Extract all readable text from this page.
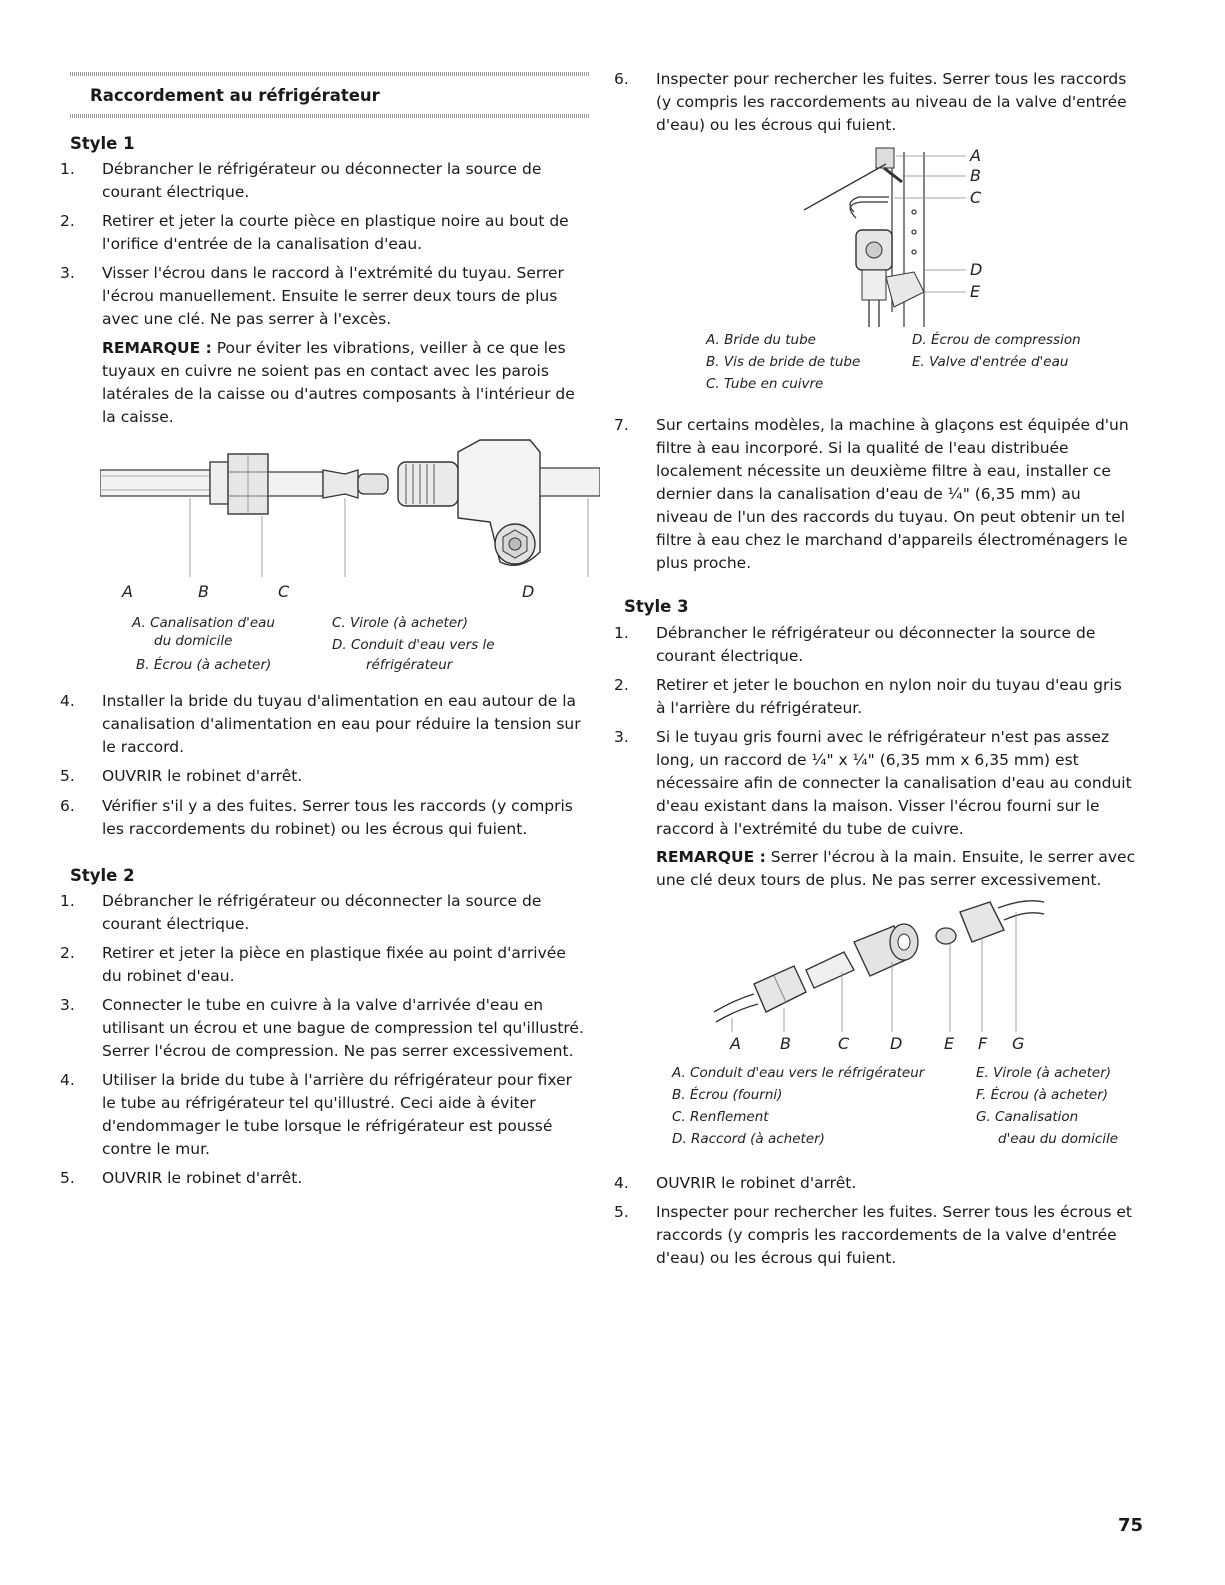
Raccordement au réfrigérateur
Style 1
1. Débrancher le réfrigérateur ou déconnecter la source de courant électrique.
2. Retirer et jeter la courte pièce en plastique noire au bout de l'orifice d'entrée de la canalisation d'eau.
3. Visser l'écrou dans le raccord à l'extrémité du tuyau. Serrer l'écrou manuellement. Ensuite le serrer deux tours de plus avec une clé. Ne pas serrer à l'excès.
REMARQUE : Pour éviter les vibrations, veiller à ce que les tuyaux en cuivre ne soient pas en contact avec les parois latérales de la caisse ou d'autres composants à l'intérieur de la caisse.
A	B	C	D
A. Canalisation d'eau
du domicile
B. Écrou (à acheter)
C. Virole (à acheter)
D. Conduit d'eau vers le
réfrigérateur
4. Installer la bride du tuyau d'alimentation en eau autour de la canalisation d'alimentation en eau pour réduire la tension sur le raccord.
5. OUVRIR le robinet d'arrêt.
6. Vérifier s'il y a des fuites. Serrer tous les raccords (y compris les raccordements du robinet) ou les écrous qui fuient.
Style 2
1. Débrancher le réfrigérateur ou déconnecter la source de courant électrique.
2. Retirer et jeter la pièce en plastique fixée au point d'arrivée du robinet d'eau.
3. Connecter le tube en cuivre à la valve d'arrivée d'eau en utilisant un écrou et une bague de compression tel qu'illustré. Serrer l'écrou de compression. Ne pas serrer excessivement.
4. Utiliser la bride du tube à l'arrière du réfrigérateur pour fixer le tube au réfrigérateur tel qu'illustré. Ceci aide à éviter d'endommager le tube lorsque le réfrigérateur est poussé contre le mur.
5. OUVRIR le robinet d'arrêt.
6. Inspecter pour rechercher les fuites. Serrer tous les raccords (y compris les raccordements au niveau de la valve d'entrée d'eau) ou les écrous qui fuient.
A
B
C
D
E
A. Bride du tube
B. Vis de bride de tube
C. Tube en cuivre
D. Écrou de compression
E. Valve d'entrée d'eau
7. Sur certains modèles, la machine à glaçons est équipée d'un filtre à eau incorporé. Si la qualité de l'eau distribuée localement nécessite un deuxième filtre à eau, installer ce dernier dans la canalisation d'eau de ¼" (6,35 mm) au niveau de l'un des raccords du tuyau. On peut obtenir un tel filtre à eau chez le marchand d'appareils électroménagers le plus proche.
Style 3
1. Débrancher le réfrigérateur ou déconnecter la source de courant électrique.
2. Retirer et jeter le bouchon en nylon noir du tuyau d'eau gris à l'arrière du réfrigérateur.
3. Si le tuyau gris fourni avec le réfrigérateur n'est pas assez long, un raccord de ¼" x ¼" (6,35 mm x 6,35 mm) est nécessaire afin de connecter la canalisation d'eau au conduit d'eau existant dans la maison. Visser l'écrou fourni sur le raccord à l'extrémité du tube de cuivre.
REMARQUE : Serrer l'écrou à la main. Ensuite, le serrer avec une clé deux tours de plus. Ne pas serrer excessivement.
A B	C	D	E F G
A. Conduit d'eau vers le réfrigérateur
B. Écrou (fourni)
C. Renflement
D. Raccord (à acheter)
E. Virole (à acheter)
F. Écrou (à acheter)
G. Canalisation
d'eau du domicile
4. OUVRIR le robinet d'arrêt.
5. Inspecter pour rechercher les fuites. Serrer tous les écrous et raccords (y compris les raccordements de la valve d'entrée d'eau) ou les écrous qui fuient.
75
